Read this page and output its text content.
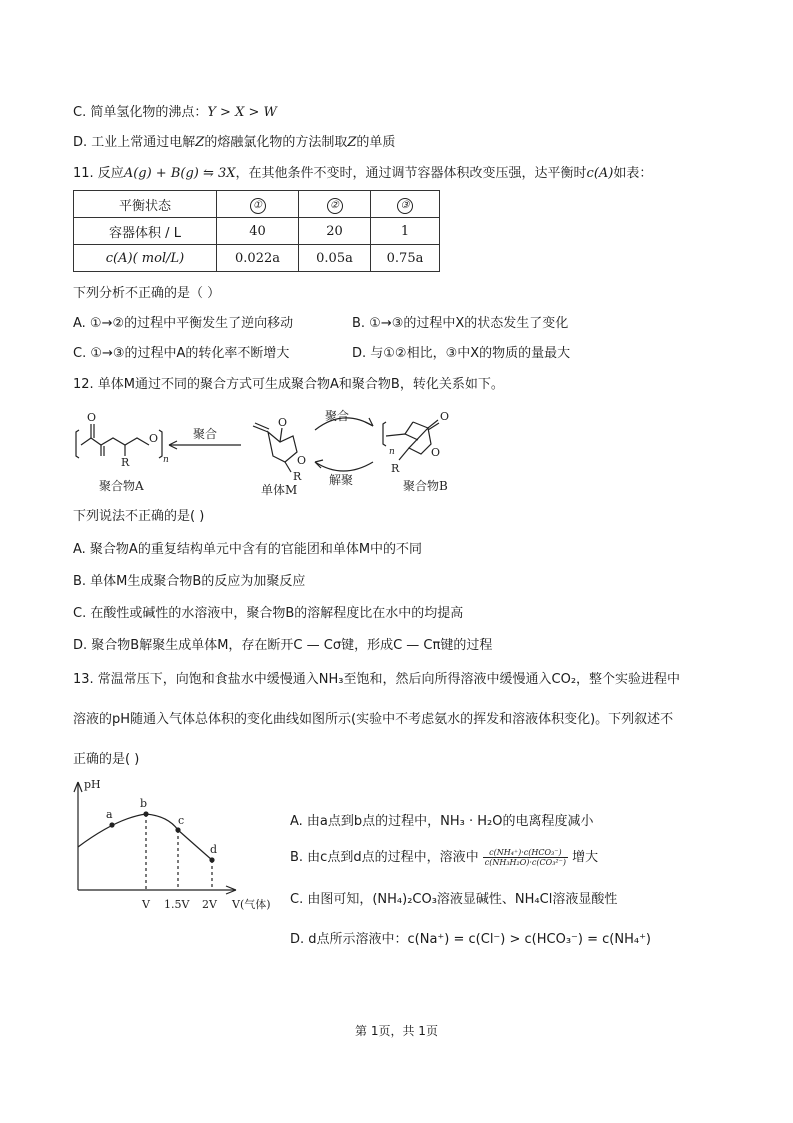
C. 简单氢化物的沸点：Y > X > W
D. 工业上常通过电解Z的熔融氯化物的方法制取Z的单质
11. 反应A(g) + B(g) ⇋ 3X，在其他条件不变时，通过调节容器体积改变压强，达平衡时c(A)如表：
平衡状态	①	②	③
容器体积 / L	40	20	1
c(A)( mol/L)	0.022a	0.05a	0.75a
下列分析不正确的是（ ）
A. ①→②的过程中平衡发生了逆向移动	B. ①→③的过程中X的状态发生了变化
C. ①→③的过程中A的转化率不断增大	D. 与①②相比，③中X的物质的量最大
12. 单体M通过不同的聚合方式可生成聚合物A和聚合物B，转化关系如下。
O
O
R	n
O
O
R
n
O
O
R
聚合
聚合
解聚
聚合物A	单体M	聚合物B
下列说法不正确的是( )
A. 聚合物A的重复结构单元中含有的官能团和单体M中的不同
B. 单体M生成聚合物B的反应为加聚反应
C. 在酸性或碱性的水溶液中，聚合物B的溶解程度比在水中的均提高
D. 聚合物B解聚生成单体M，存在断开C — Cσ键，形成C — Cπ键的过程
13. 常温常压下，向饱和食盐水中缓慢通入NH₃至饱和，然后向所得溶液中缓慢通入CO₂，整个实验进程中
溶液的pH随通入气体总体积的变化曲线如图所示(实验中不考虑氨水的挥发和溶液体积变化)。下列叙述不
正确的是( )
pH
a
b
c
d
V 1.5V 2V V(气体)
A. 由a点到b点的过程中，NH₃ · H₂O的电离程度减小
B. 由c点到d点的过程中，溶液中 $\frac{\text{c(NH₄⁺)·c(HCO₃⁻)}}{\text{c(NH₃H₂O)·c(CO₃²⁻)}}$ 增大
C. 由图可知，(NH₄)₂CO₃溶液显碱性、NH₄Cl溶液显酸性
D. d点所示溶液中：c(Na⁺) = c(Cl⁻) > c(HCO₃⁻) = c(NH₄⁺)
第 1页，共 1页
